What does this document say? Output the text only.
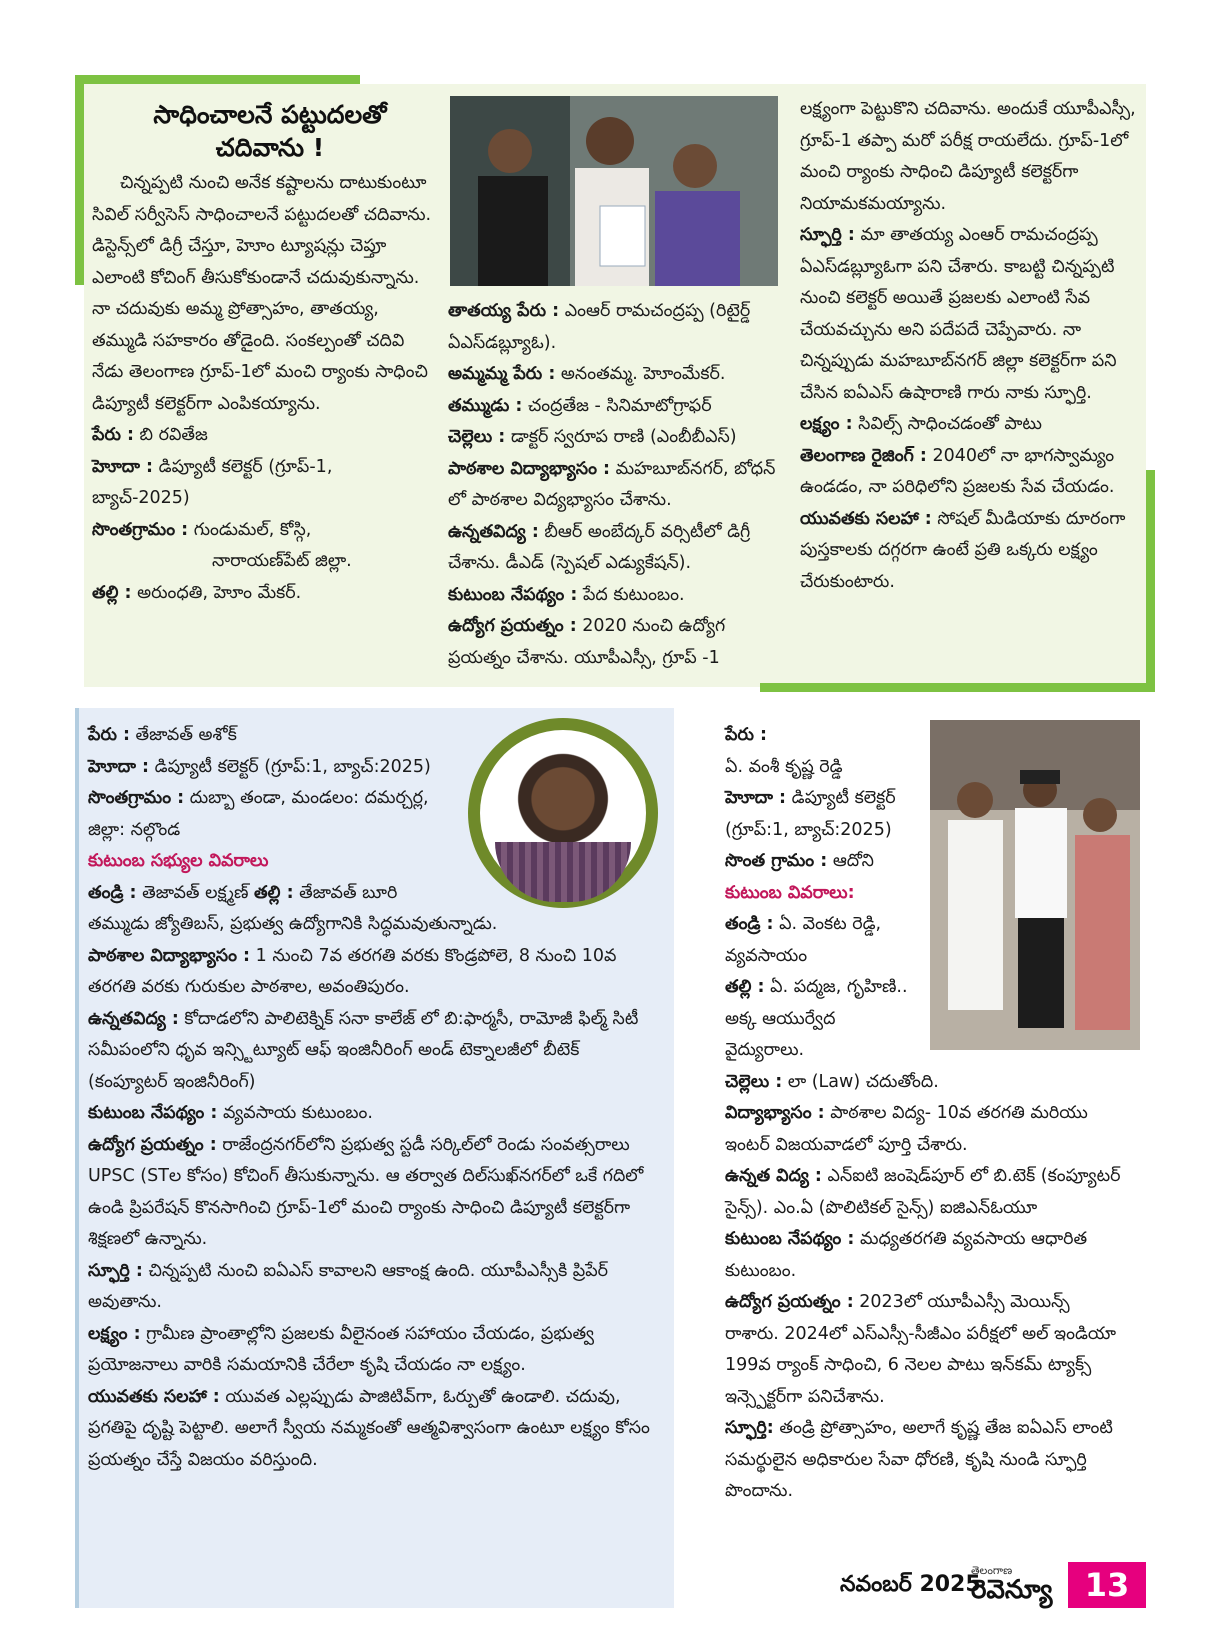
సాధించాలనే పట్టుదలతో
చదివాను !

చిన్నప్పటి నుంచి అనేక కష్టాలను దాటుకుంటూ సివిల్ సర్వీసెస్ సాధించాలనే పట్టుదలతో చదివాను. డిస్టెన్స్‌లో డిగ్రీ చేస్తూ, హెూం ట్యూషన్లు చెప్తూ ఎలాంటి కోచింగ్ తీసుకోకుండానే చదువుకున్నాను. నా చదువుకు అమ్మ ప్రోత్సాహం, తాతయ్య, తమ్ముడి సహకారం తోడైంది. సంకల్పంతో చదివి నేడు తెలంగాణ గ్రూప్-1లో మంచి ర్యాంకు సాధించి డిప్యూటీ కలెక్టర్‌గా ఎంపికయ్యాను.

పేరు : బి రవితేజ

హెూదా : డిప్యూటీ కలెక్టర్ (గ్రూప్-1, బ్యాచ్-2025)

సొంతగ్రామం : గుండుమల్, కోస్గి,

నారాయణ్‌పేట్ జిల్లా.

తల్లి : అరుంధతి, హెూం మేకర్.

తాతయ్య పేరు : ఎంఆర్ రామచంద్రప్ప (రిటైర్డ్ ఏఎస్‌డబ్ల్యూఓ).

అమ్మమ్మ పేరు : అనంతమ్మ. హెూంమేకర్.

తమ్ముడు : చంద్రతేజ - సినిమాటోగ్రాఫర్

చెల్లెలు : డాక్టర్ స్వరూప రాణి (ఎంబీబీఎస్)

పాఠశాల విద్యాభ్యాసం : మహబూబ్‌నగర్, బోధన్ లో పాఠశాల విద్యభ్యాసం చేశాను.

ఉన్నతవిద్య : బీఆర్ అంబేద్కర్ వర్సిటీలో డిగ్రీ చేశాను. డీఎడ్ (స్పెషల్ ఎడ్యుకేషన్).

కుటుంబ నేపథ్యం : పేద కుటుంబం.

ఉద్యోగ ప్రయత్నం : 2020 నుంచి ఉద్యోగ ప్రయత్నం చేశాను. యూపీఎస్సీ, గ్రూప్ -1

లక్ష్యంగా పెట్టుకొని చదివాను. అందుకే యూపీఎస్సీ, గ్రూప్-1 తప్పా మరో పరీక్ష రాయలేదు. గ్రూప్-1లో మంచి ర్యాంకు సాధించి డిప్యూటీ కలెక్టర్‌గా నియామకమయ్యాను.

స్ఫూర్తి : మా తాతయ్య ఎంఆర్ రామచంద్రప్ప ఏఎస్‌డబ్ల్యూఓగా పని చేశారు. కాబట్టి చిన్నప్పటి నుంచి కలెక్టర్ అయితే ప్రజలకు ఎలాంటి సేవ చేయవచ్చును అని పదేపదే చెప్పేవారు. నా చిన్నప్పుడు మహబూబ్‌నగర్ జిల్లా కలెక్టర్‌గా పని చేసిన ఐఏఎస్ ఉషారాణి గారు నాకు స్ఫూర్తి.

లక్ష్యం : సివిల్స్ సాధించడంతో పాటు

తెలంగాణ రైజింగ్ : 2040లో నా భాగస్వామ్యం ఉండడం, నా పరిధిలోని ప్రజలకు సేవ చేయడం.

యువతకు సలహా : సోషల్ మీడియాకు దూరంగా పుస్తకాలకు దగ్గరగా ఉంటే ప్రతి ఒక్కరు లక్ష్యం చేరుకుంటారు.

పేరు : తేజావత్ అశోక్

హెూదా : డిప్యూటీ కలెక్టర్ (గ్రూప్:1, బ్యాచ్:2025)

సొంతగ్రామం : దుబ్బా తండా, మండలం: దమర్చర్ల, జిల్లా: నల్గొండ

కుటుంబ సభ్యుల వివరాలు

తండ్రి : తెజావత్ లక్ష్మణ్ తల్లి : తేజావత్ బూరి

తమ్ముడు జ్యోతిబస్, ప్రభుత్వ ఉద్యోగానికి సిద్ధమవుతున్నాడు.

పాఠశాల విద్యాభ్యాసం : 1 నుంచి 7వ తరగతి వరకు కొండ్రపోలె, 8 నుంచి 10వ తరగతి వరకు గురుకుల పాఠశాల, అవంతిపురం.

ఉన్నతవిద్య : కోదాడలోని పాలిటెక్నిక్ సనా కాలేజ్ లో బి:ఫార్మసీ, రామోజీ ఫిల్మ్ సిటీ సమీపంలోని ధృవ ఇన్స్టిట్యూట్ ఆఫ్ ఇంజినీరింగ్ అండ్ టెక్నాలజీలో బీటెక్ (కంప్యూటర్ ఇంజినీరింగ్)

కుటుంబ నేపథ్యం : వ్యవసాయ కుటుంబం.

ఉద్యోగ ప్రయత్నం : రాజేంద్రనగర్‌లోని ప్రభుత్వ స్టడీ సర్కిల్‌లో రెండు సంవత్సరాలు UPSC (STల కోసం) కోచింగ్ తీసుకున్నాను. ఆ తర్వాత దిల్‌సుఖ్‌నగర్‌లో ఒకే గదిలో ఉండి ప్రిపరేషన్ కొనసాగించి గ్రూప్-1లో మంచి ర్యాంకు సాధించి డిప్యూటీ కలెక్టర్‌గా శిక్షణలో ఉన్నాను.

స్ఫూర్తి : చిన్నప్పటి నుంచి ఐఏఎస్ కావాలని ఆకాంక్ష ఉంది. యూపీఎస్సీకి ప్రిపేర్ అవుతాను.

లక్ష్యం : గ్రామీణ ప్రాంతాల్లోని ప్రజలకు వీలైనంత సహాయం చేయడం, ప్రభుత్వ ప్రయోజనాలు వారికి సమయానికి చేరేలా కృషి చేయడం నా లక్ష్యం.

యువతకు సలహా : యువత ఎల్లప్పుడు పాజిటివ్‌గా, ఓర్పుతో ఉండాలి. చదువు, ప్రగతిపై దృష్టి పెట్టాలి. అలాగే స్వీయ నమ్మకంతో ఆత్మవిశ్వాసంగా ఉంటూ లక్ష్యం కోసం ప్రయత్నం చేస్తే విజయం వరిస్తుంది.

పేరు :

ఏ. వంశీ కృష్ణ రెడ్డి

హెూదా : డిప్యూటీ కలెక్టర్ (గ్రూప్:1, బ్యాచ్:2025)

సొంత గ్రామం : ఆదోని

కుటుంబ వివరాలు:

తండ్రి : ఏ. వెంకట రెడ్డి, వ్యవసాయం

తల్లి : ఏ. పద్మజ, గృహిణి.. అక్క ఆయుర్వేద వైద్యురాలు.

చెల్లెలు : లా (Law) చదుతోంది.

విద్యాభ్యాసం : పాఠశాల విద్య- 10వ తరగతి మరియు ఇంటర్ విజయవాడలో పూర్తి చేశారు.

ఉన్నత విద్య : ఎన్ఐటి జంషెడ్‌పూర్ లో బి.టెక్ (కంప్యూటర్ సైన్స్). ఎం.ఏ (పొలిటికల్ సైన్స్) ఐజిఎన్ఓయూ

కుటుంబ నేపథ్యం : మధ్యతరగతి వ్యవసాయ ఆధారిత కుటుంబం.

ఉద్యోగ ప్రయత్నం : 2023లో యూపీఎస్సీ మెయిన్స్ రాశారు. 2024లో ఎస్ఎస్సీ-సీజీఎం పరీక్షలో అల్ ఇండియా 199వ ర్యాంక్ సాధించి, 6 నెలల పాటు ఇన్‌కమ్ ట్యాక్స్ ఇన్స్పెక్టర్‌గా పనిచేశాను.

స్ఫూర్తి: తండ్రి ప్రోత్సాహం, అలాగే కృష్ణ తేజ ఐఏఎస్ లాంటి సమర్థులైన అధికారుల సేవా ధోరణి, కృషి నుండి స్ఫూర్తి పొందాను.

నవంబర్ 2025
తెలంగాణ
రెవెన్యూ	13
